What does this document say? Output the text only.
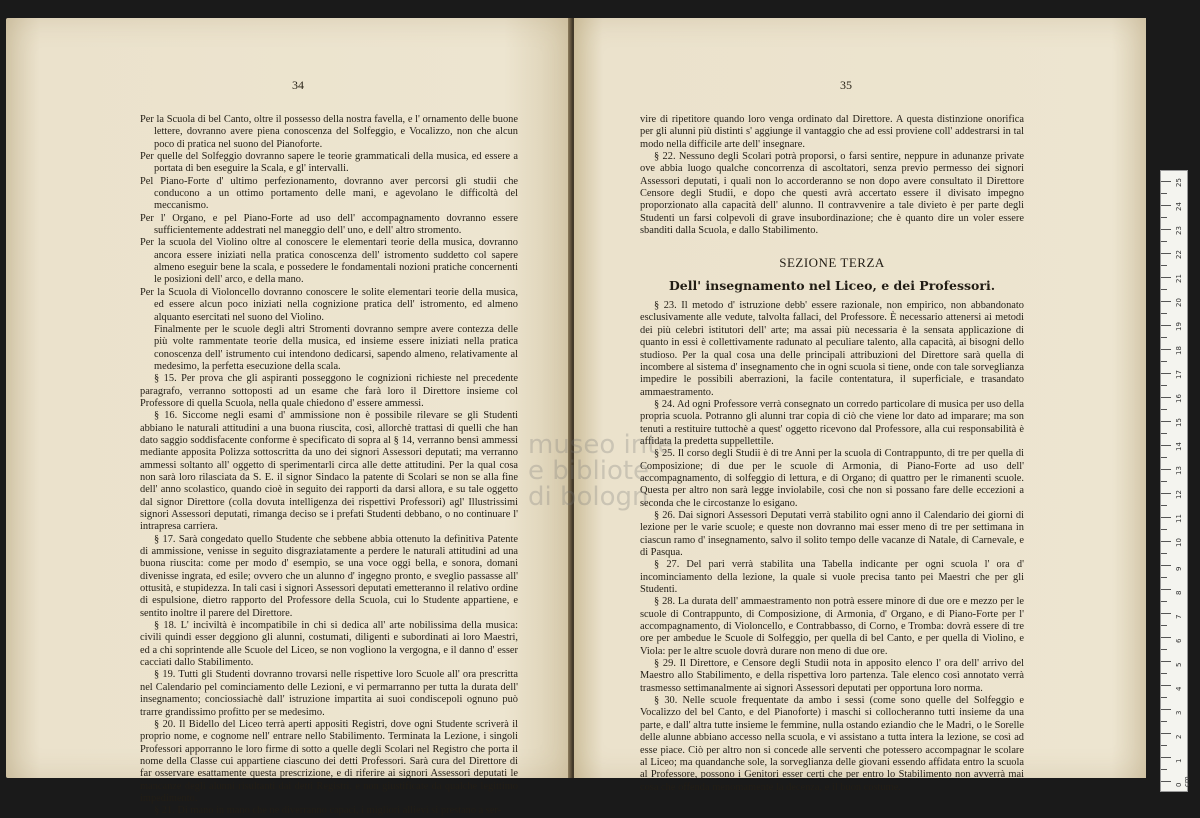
34	35

Per la Scuola di bel Canto, oltre il possesso della nostra favella, e l' ornamento delle buone lettere, dovranno avere piena conoscenza del Solfeggio, e Vocalizzo, non che alcun poco di pratica nel suono del Pianoforte.

Per quelle del Solfeggio dovranno sapere le teorie grammaticali della musica, ed essere a portata di ben eseguire la Scala, e gl' intervalli.

Pel Piano-Forte d' ultimo perfezionamento, dovranno aver percorsi gli studii che conducono a un ottimo portamento delle mani, e agevolano le difficoltà del meccanismo.

Per l' Organo, e pel Piano-Forte ad uso dell' accompagnamento dovranno essere sufficientemente addestrati nel maneggio dell' uno, e dell' altro stromento.

Per la scuola del Violino oltre al conoscere le elementari teorie della musica, dovranno ancora essere iniziati nella pratica conoscenza dell' istromento suddetto col sapere almeno eseguir bene la scala, e possedere le fondamentali nozioni pratiche concernenti le posizioni dell' arco, e della mano.

Per la Scuola di Violoncello dovranno conoscere le solite elementari teorie della musica, ed essere alcun poco iniziati nella cognizione pratica dell' istromento, ed almeno alquanto esercitati nel suono del Violino.

Finalmente per le scuole degli altri Stromenti dovranno sempre avere contezza delle più volte rammentate teorie della musica, ed insieme essere iniziati nella pratica conoscenza dell' istrumento cui intendono dedicarsi, sapendo almeno, relativamente al medesimo, la perfetta esecuzione della scala.

§ 15. Per prova che gli aspiranti posseggono le cognizioni richieste nel precedente paragrafo, verranno sottoposti ad un esame che farà loro il Direttore insieme col Professore di quella Scuola, nella quale chiedono d' essere ammessi.

§ 16. Siccome negli esami d' ammissione non è possibile rilevare se gli Studenti abbiano le naturali attitudini a una buona riuscita, così, allorchè trattasi di quelli che han dato saggio soddisfacente conforme è specificato di sopra al § 14, verranno bensì ammessi mediante apposita Polizza sottoscritta da uno dei signori Assessori deputati; ma verranno ammessi soltanto all' oggetto di sperimentarli circa alle dette attitudini. Per la qual cosa non sarà loro rilasciata da S. E. il signor Sindaco la patente di Scolari se non se alla fine dell' anno scolastico, quando cioè in seguito dei rapporti da darsi allora, e su tale oggetto dal signor Direttore (colla dovuta intelligenza dei rispettivi Professori) agl' Illustrissimi signori Assessori deputati, rimanga deciso se i prefati Studenti debbano, o no continuare l' intrapresa carriera.

§ 17. Sarà congedato quello Studente che sebbene abbia ottenuto la definitiva Patente di ammissione, venisse in seguito disgraziatamente a perdere le naturali attitudini ad una buona riuscita: come per modo d' esempio, se una voce oggi bella, e sonora, domani divenisse ingrata, ed esile; ovvero che un alunno d' ingegno pronto, e sveglio passasse all' ottusità, e stupidezza. In tali casi i signori Assessori deputati emetteranno il relativo ordine di espulsione, dietro rapporto del Professore della Scuola, cui lo Studente appartiene, e sentito inoltre il parere del Direttore.

§ 18. L' inciviltà è incompatibile in chi si dedica all' arte nobilissima della musica: civili quindi esser deggiono gli alunni, costumati, diligenti e subordinati ai loro Maestri, ed a chi soprintende alle Scuole del Liceo, se non vogliono la vergogna, e il danno d' esser cacciati dallo Stabilimento.

§ 19. Tutti gli Studenti dovranno trovarsi nelle rispettive loro Scuole all' ora prescritta nel Calendario pel cominciamento delle Lezioni, e vi permarranno per tutta la durata dell' insegnamento; conciossiachè dall' istruzione impartita ai suoi condiscepoli ognuno può trarre grandissimo profitto per se medesimo.

§ 20. Il Bidello del Liceo terrà aperti appositi Registri, dove ogni Studente scriverà il proprio nome, e cognome nell' entrare nello Stabilimento. Terminata la Lezione, i singoli Professori apporranno le loro firme di sotto a quelle degli Scolari nel Registro che porta il nome della Classe cui appartiene ciascuno dei detti Professori. Sarà cura del Direttore di far osservare esattamente questa prescrizione, e di riferire ai signori Assessori deputati le mancanze degli alunni risultanti dai detti Registri, e non giustificate da qualche legittimo impedimento.

§ 21. Di mano in mano che ne diverranno capaci, i migliori allievi si prestano a ser-

vire di ripetitore quando loro venga ordinato dal Direttore. A questa distinzione onorifica per gli alunni più distinti s' aggiunge il vantaggio che ad essi proviene coll' addestrarsi in tal modo nella difficile arte dell' insegnare.

§ 22. Nessuno degli Scolari potrà proporsi, o farsi sentire, neppure in adunanze private ove abbia luogo qualche concorrenza di ascoltatori, senza previo permesso dei signori Assessori deputati, i quali non lo accorderanno se non dopo avere consultato il Direttore Censore degli Studii, e dopo che questi avrà accertato essere il divisato impegno proporzionato alla capacità dell' alunno. Il contravvenire a tale divieto è per parte degli Studenti un farsi colpevoli di grave insubordinazione; che è quanto dire un voler essere sbanditi dalla Scuola, e dallo Stabilimento.

SEZIONE TERZA
Dell' insegnamento nel Liceo, e dei Professori.

§ 23. Il metodo d' istruzione debb' essere razionale, non empirico, non abbandonato esclusivamente alle vedute, talvolta fallaci, del Professore. È necessario attenersi ai metodi dei più celebri istitutori dell' arte; ma assai più necessaria è la sensata applicazione di quanto in essi è collettivamente radunato al peculiare talento, alla capacità, ai bisogni dello studioso. Per la qual cosa una delle principali attribuzioni del Direttore sarà quella di incombere al sistema d' insegnamento che in ogni scuola si tiene, onde con tale sorveglianza impedire le possibili aberrazioni, la facile contentatura, il superficiale, e trasandato ammaestramento.

§ 24. Ad ogni Professore verrà consegnato un corredo particolare di musica per uso della propria scuola. Potranno gli alunni trar copia di ciò che viene lor dato ad imparare; ma son tenuti a restituire tuttochè a quest' oggetto ricevono dal Professore, alla cui responsabilità è affidata la predetta suppellettile.

§ 25. Il corso degli Studii è di tre Anni per la scuola di Contrappunto, di tre per quella di Composizione; di due per le scuole di Armonia, di Piano-Forte ad uso dell' accompagnamento, di solfeggio di lettura, e di Organo; di quattro per le rimanenti scuole. Questa per altro non sarà legge inviolabile, così che non si possano fare delle eccezioni a seconda che le circostanze lo esigano.

§ 26. Dai signori Assessori Deputati verrà stabilito ogni anno il Calendario dei giorni di lezione per le varie scuole; e queste non dovranno mai esser meno di tre per settimana in ciascun ramo d' insegnamento, salvo il solito tempo delle vacanze di Natale, di Carnevale, e di Pasqua.

§ 27. Del pari verrà stabilita una Tabella indicante per ogni scuola l' ora d' incominciamento della lezione, la quale si vuole precisa tanto pei Maestri che per gli Studenti.

§ 28. La durata dell' ammaestramento non potrà essere minore di due ore e mezzo per le scuole di Contrappunto, di Composizione, di Armonia, d' Organo, e di Piano-Forte per l' accompagnamento, di Violoncello, e Contrabbasso, di Corno, e Tromba: dovrà essere di tre ore per ambedue le Scuole di Solfeggio, per quella di bel Canto, e per quella di Violino, e Viola: per le altre scuole dovrà durare non meno di due ore.

§ 29. Il Direttore, e Censore degli Studii nota in apposito elenco l' ora dell' arrivo del Maestro allo Stabilimento, e della rispettiva loro partenza. Tale elenco così annotato verrà trasmesso settimanalmente ai signori Assessori deputati per opportuna loro norma.

§ 30. Nelle scuole frequentate da ambo i sessi (come sono quelle del Solfeggio e Vocalizzo del bel Canto, e del Pianoforte) i maschi si collocheranno tutti insieme da una parte, e dall' altra tutte insieme le femmine, nulla ostando eziandio che le Madri, o le Sorelle delle alunne abbiano accesso nella scuola, e vi assistano a tutta intera la lezione, se così ad esse piace. Ciò per altro non si concede alle serventi che potessero accompagnar le scolare al Liceo; ma quandanche sole, la sorveglianza delle giovani essendo affidata entro la scuola al Professore, possono i Genitori esser certi che per entro lo Stabilimento non avverrà mai cosa che offenda menomamente la decenza, e il buon costume.

museo inte
e bibliote
di bologn
0 cm
1
2
3
4
5
6
7
8
9
10
11
12
13
14
15
16
17
18
19
20
21
22
23
24
25
